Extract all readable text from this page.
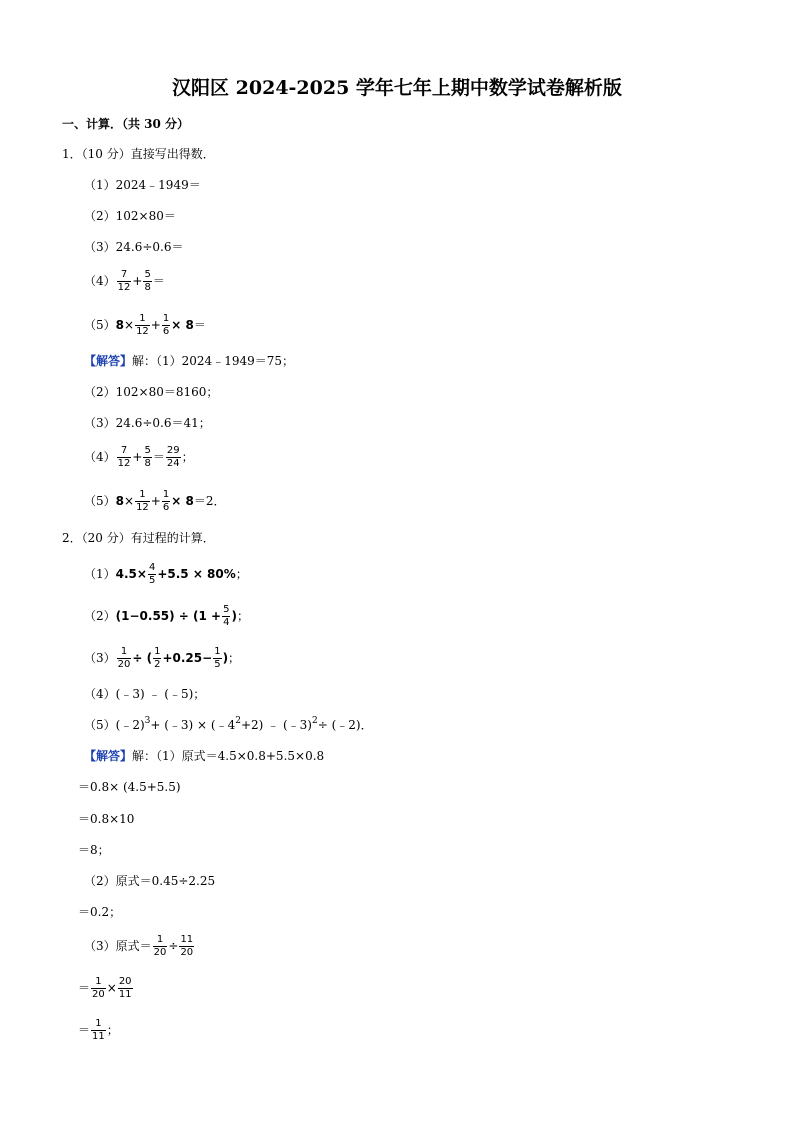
汉阳区 2024-2025 学年七年上期中数学试卷解析版
一、计算．（共 30 分）
1．（10 分）直接写出得数．
（1）2024﹣1949＝
（2）102×80＝
（3）24.6÷0.6＝
$(4) \frac{7}{12} + \frac{5}{8}$ ＝
$(5)8\times \frac{1}{12} + \frac{1}{6} \times 8=$
【解答】解：（1）2024﹣1949＝75；
（2）102×80＝8160；
（3）24.6÷0.6＝41；
$(4) \frac{7}{12} + \frac{5}{8} = \frac{29}{24}$ ；
$(5)8\times \frac{1}{12} + \frac{1}{6} \times 8=2$．
2．（20 分）有过程的计算．
$(1)4.5\times \frac{4}{5} +5.5 \times 80\%$；
$(2)(1-0.55) \div (1 + \frac{5}{4}$ )；
$(3) \frac{1}{20}$ ÷ ( $\frac{1}{2} +0.25- \frac{1}{5}$ )；
（4）(﹣3) ﹣ (﹣5)；
（5）(﹣2)$^3$+ (﹣3) × $(﹣4^2+2)$ ﹣ (﹣3)$^2$÷ (﹣2)．
【解答】解：（1）原式＝4.5×0.8+5.5×0.8
＝0.8× (4.5+5.5)
＝0.8×10
＝8；
（2）原式＝0.45÷2.25
＝0.2；
（3）原式＝ $\frac{1}{20} \div \frac{11}{20}$
＝ $\frac{1}{20} \times \frac{20}{11}$
＝ $\frac{1}{11}$ ；
